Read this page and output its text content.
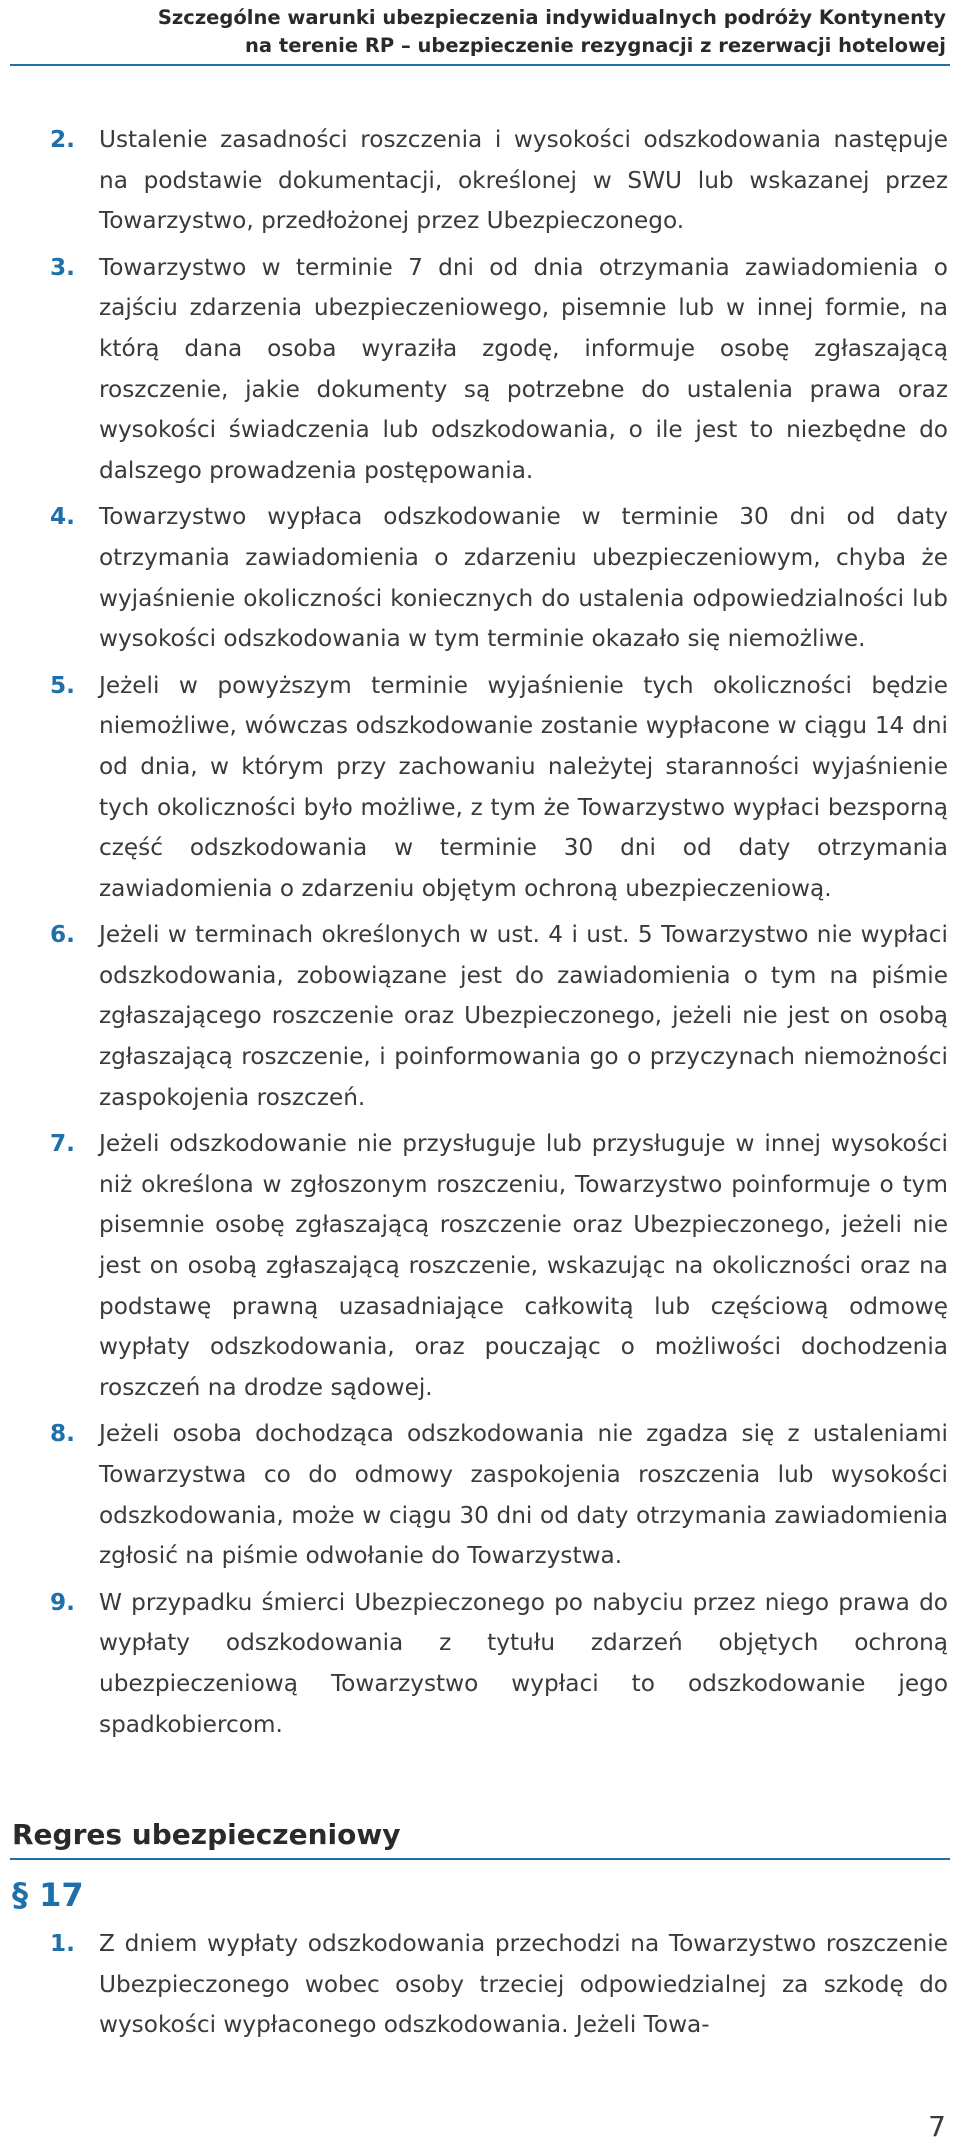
Szczególne warunki ubezpieczenia indywidualnych podróży Kontynenty
na terenie RP – ubezpieczenie rezygnacji z rezerwacji hotelowej
2. Ustalenie zasadności roszczenia i wysokości odszkodowania następuje na podstawie dokumentacji, określonej w SWU lub wskazanej przez Towarzystwo, przedłożonej przez Ubezpieczonego.
3. Towarzystwo w terminie 7 dni od dnia otrzymania zawiadomienia o zajściu zdarzenia ubezpieczeniowego, pisemnie lub w innej formie, na którą dana osoba wyraziła zgodę, informuje osobę zgłaszającą roszczenie, jakie dokumenty są potrzebne do ustalenia prawa oraz wysokości świadczenia lub odszkodowania, o ile jest to niezbędne do dalszego prowadzenia postępowania.
4. Towarzystwo wypłaca odszkodowanie w terminie 30 dni od daty otrzymania zawiadomienia o zdarzeniu ubezpieczeniowym, chyba że wyjaśnienie okoliczności koniecznych do ustalenia odpowiedzialności lub wysokości odszkodowania w tym terminie okazało się niemożliwe.
5. Jeżeli w powyższym terminie wyjaśnienie tych okoliczności będzie niemożliwe, wówczas odszkodowanie zostanie wypłacone w ciągu 14 dni od dnia, w którym przy zachowaniu należytej staranności wyjaśnienie tych okoliczności było możliwe, z tym że Towarzystwo wypłaci bezsporną część odszkodowania w terminie 30 dni od daty otrzymania zawiadomienia o zdarzeniu objętym ochroną ubezpieczeniową.
6. Jeżeli w terminach określonych w ust. 4 i ust. 5 Towarzystwo nie wypłaci odszkodowania, zobowiązane jest do zawiadomienia o tym na piśmie zgłaszającego roszczenie oraz Ubezpieczonego, jeżeli nie jest on osobą zgłaszającą roszczenie, i poinformowania go o przyczynach niemożności zaspokojenia roszczeń.
7. Jeżeli odszkodowanie nie przysługuje lub przysługuje w innej wysokości niż określona w zgłoszonym roszczeniu, Towarzystwo poinformuje o tym pisemnie osobę zgłaszającą roszczenie oraz Ubezpieczonego, jeżeli nie jest on osobą zgłaszającą roszczenie, wskazując na okoliczności oraz na podstawę prawną uzasadniające całkowitą lub częściową odmowę wypłaty odszkodowania, oraz pouczając o możliwości dochodzenia roszczeń na drodze sądowej.
8. Jeżeli osoba dochodząca odszkodowania nie zgadza się z ustaleniami Towarzystwa co do odmowy zaspokojenia roszczenia lub wysokości odszkodowania, może w ciągu 30 dni od daty otrzymania zawiadomienia zgłosić na piśmie odwołanie do Towarzystwa.
9. W przypadku śmierci Ubezpieczonego po nabyciu przez niego prawa do wypłaty odszkodowania z tytułu zdarzeń objętych ochroną ubezpieczeniową Towarzystwo wypłaci to odszkodowanie jego spadkobiercom.
Regres ubezpieczeniowy
§ 17
1. Z dniem wypłaty odszkodowania przechodzi na Towarzystwo roszczenie Ubezpieczonego wobec osoby trzeciej odpowiedzialnej za szkodę do wysokości wypłaconego odszkodowania. Jeżeli Towa-
7
